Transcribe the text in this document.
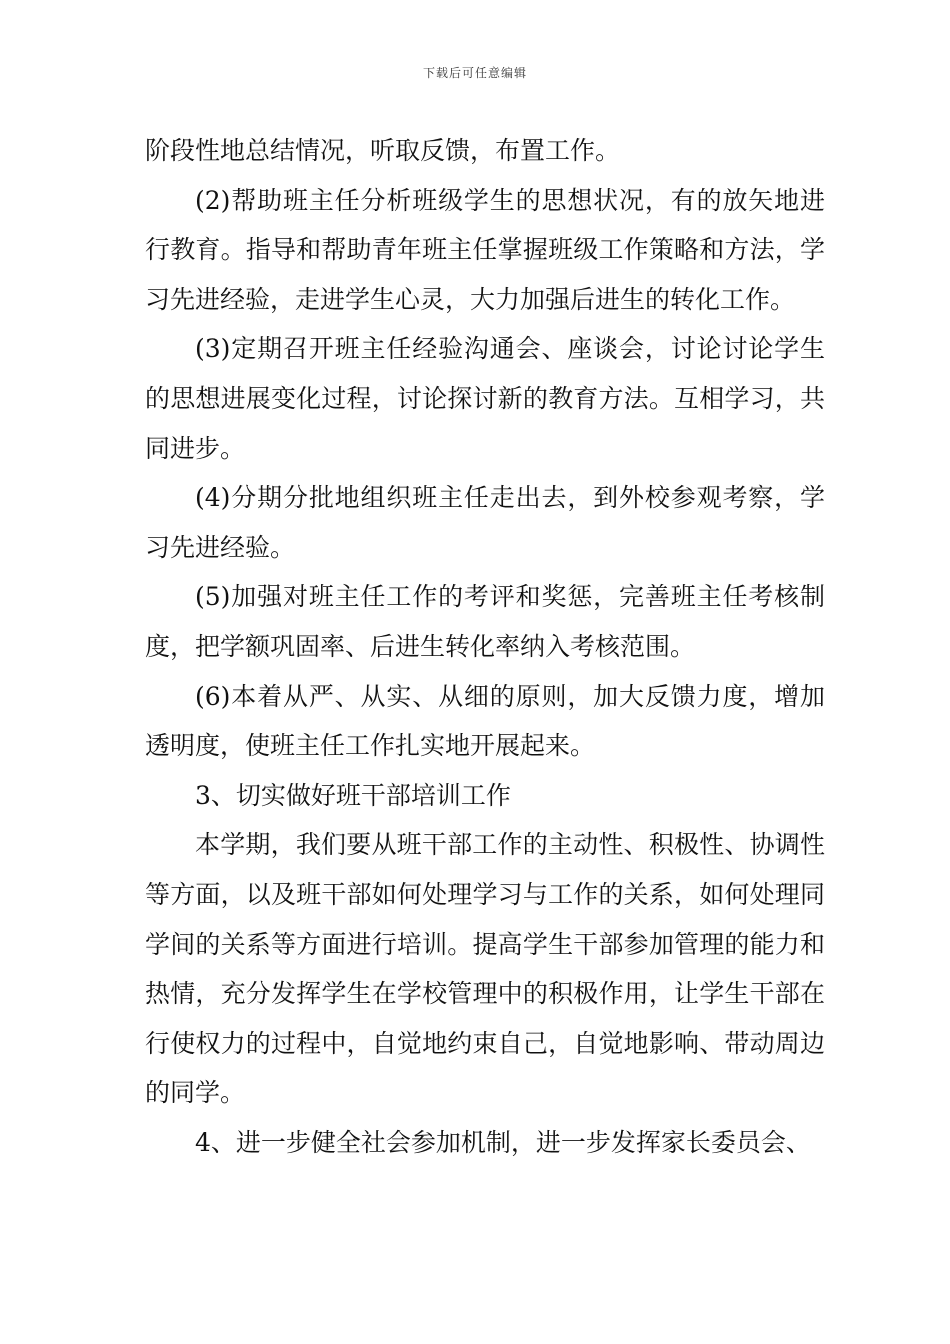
下载后可任意编辑

阶段性地总结情况，听取反馈，布置工作。

(2)帮助班主任分析班级学生的思想状况，有的放矢地进行教育。指导和帮助青年班主任掌握班级工作策略和方法，学习先进经验，走进学生心灵，大力加强后进生的转化工作。

(3)定期召开班主任经验沟通会、座谈会，讨论讨论学生的思想进展变化过程，讨论探讨新的教育方法。互相学习，共同进步。

(4)分期分批地组织班主任走出去，到外校参观考察，学习先进经验。

(5)加强对班主任工作的考评和奖惩，完善班主任考核制度，把学额巩固率、后进生转化率纳入考核范围。

(6)本着从严、从实、从细的原则，加大反馈力度，增加透明度，使班主任工作扎实地开展起来。

3、切实做好班干部培训工作

本学期，我们要从班干部工作的主动性、积极性、协调性等方面，以及班干部如何处理学习与工作的关系，如何处理同学间的关系等方面进行培训。提高学生干部参加管理的能力和热情，充分发挥学生在学校管理中的积极作用，让学生干部在行使权力的过程中，自觉地约束自己，自觉地影响、带动周边的同学。

4、进一步健全社会参加机制，进一步发挥家长委员会、
